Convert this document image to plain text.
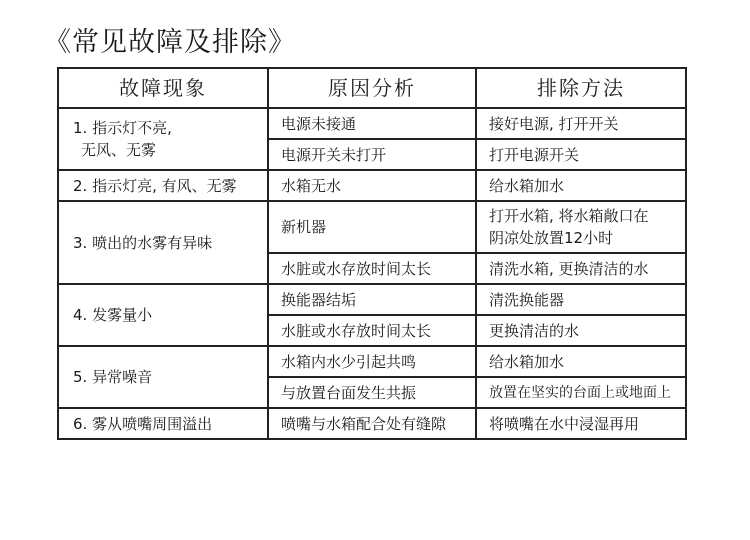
《常见故障及排除》
故障现象	原因分析	排除方法

1. 指示灯不亮,
无风、无雾	电源未接通	接好电源, 打开开关
	电源开关未打开	打开电源开关
2. 指示灯亮, 有风、无雾	水箱无水	给水箱加水
3. 喷出的水雾有异味	新机器	打开水箱, 将水箱敞口在
阴凉处放置12小时

	水脏或水存放时间太长	清洗水箱, 更换清洁的水
4. 发雾量小	换能器结垢	清洗换能器
	水脏或水存放时间太长	更换清洁的水
5. 异常噪音	水箱内水少引起共鸣	给水箱加水
	与放置台面发生共振	放置在坚实的台面上或地面上
6. 雾从喷嘴周围溢出	喷嘴与水箱配合处有缝隙	将喷嘴在水中浸湿再用
